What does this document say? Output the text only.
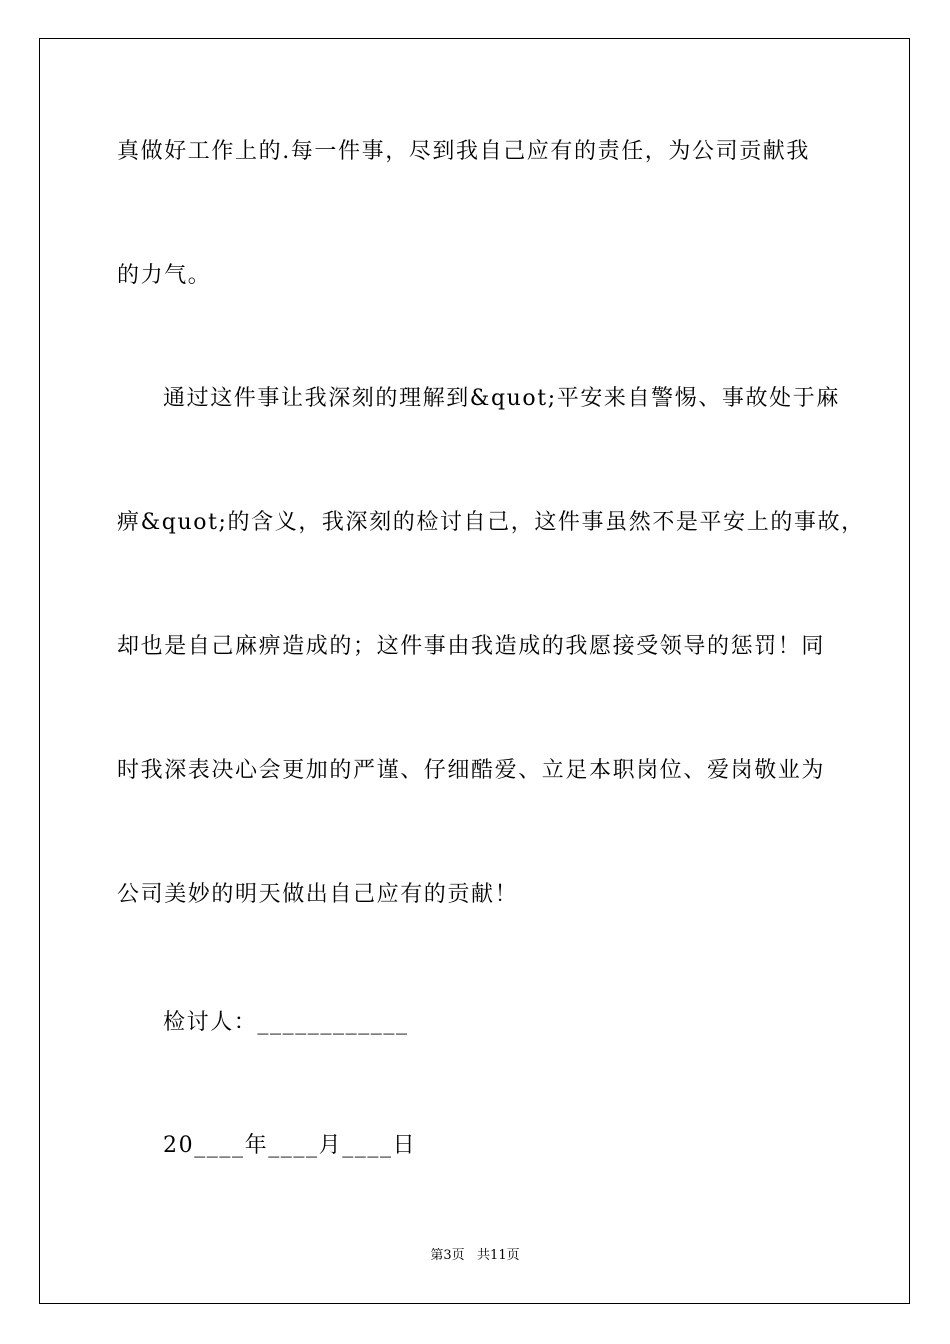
真做好工作上的.每一件事，尽到我自己应有的责任，为公司贡献我
的力气。
通过这件事让我深刻的理解到&quot;平安来自警惕、事故处于麻
痹&quot;的含义，我深刻的检讨自己，这件事虽然不是平安上的事故，
却也是自己麻痹造成的；这件事由我造成的我愿接受领导的惩罚！同
时我深表决心会更加的严谨、仔细酷爱、立足本职岗位、爱岗敬业为
公司美妙的明天做出自己应有的贡献！
检讨人：____________
20____年____月____日
第3页   共11页
